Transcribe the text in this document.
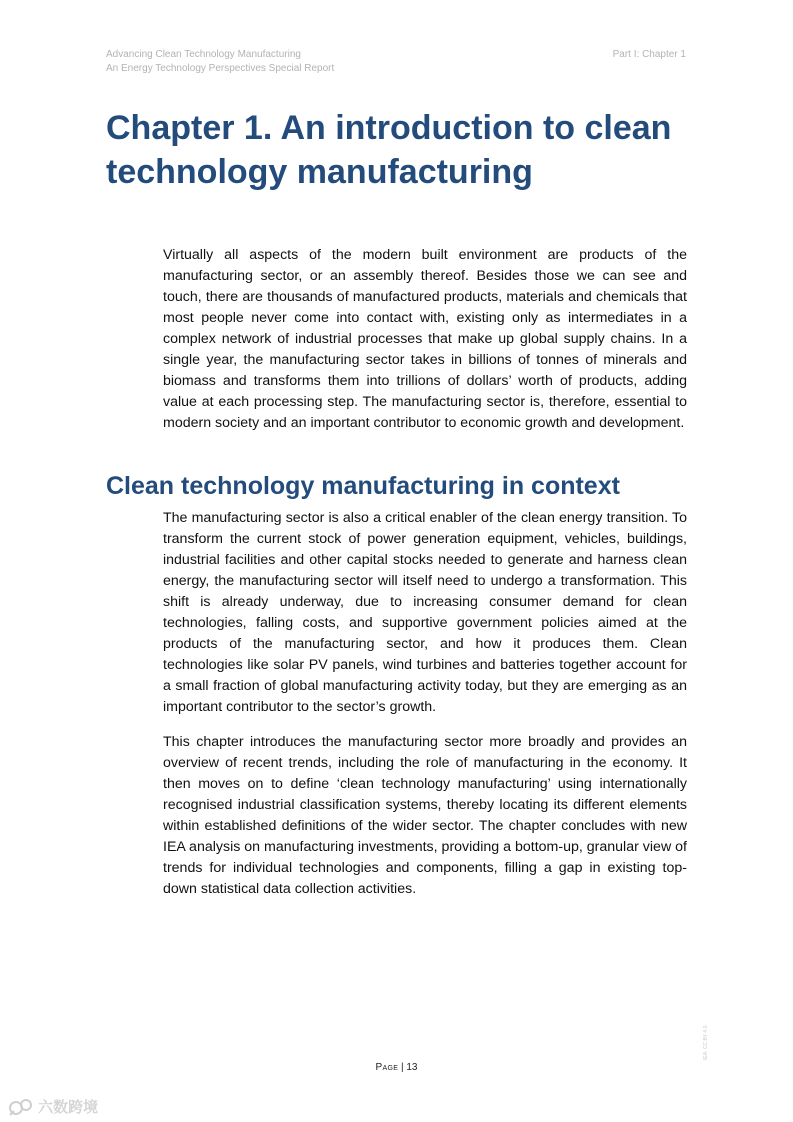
Advancing Clean Technology Manufacturing
An Energy Technology Perspectives Special Report
Part I: Chapter 1
Chapter 1. An introduction to clean technology manufacturing

Virtually all aspects of the modern built environment are products of the manufacturing sector, or an assembly thereof. Besides those we can see and touch, there are thousands of manufactured products, materials and chemicals that most people never come into contact with, existing only as intermediates in a complex network of industrial processes that make up global supply chains. In a single year, the manufacturing sector takes in billions of tonnes of minerals and biomass and transforms them into trillions of dollars’ worth of products, adding value at each processing step. The manufacturing sector is, therefore, essential to modern society and an important contributor to economic growth and development.

Clean technology manufacturing in context

The manufacturing sector is also a critical enabler of the clean energy transition. To transform the current stock of power generation equipment, vehicles, buildings, industrial facilities and other capital stocks needed to generate and harness clean energy, the manufacturing sector will itself need to undergo a transformation. This shift is already underway, due to increasing consumer demand for clean technologies, falling costs, and supportive government policies aimed at the products of the manufacturing sector, and how it produces them. Clean technologies like solar PV panels, wind turbines and batteries together account for a small fraction of global manufacturing activity today, but they are emerging as an important contributor to the sector’s growth.

This chapter introduces the manufacturing sector more broadly and provides an overview of recent trends, including the role of manufacturing in the economy. It then moves on to define ‘clean technology manufacturing’ using internationally recognised industrial classification systems, thereby locating its different elements within established definitions of the wider sector. The chapter concludes with new IEA analysis on manufacturing investments, providing a bottom-up, granular view of trends for individual technologies and components, filling a gap in existing top-down statistical data collection activities.

Page | 13
IEA. CC BY 4.0.
六数跨境
